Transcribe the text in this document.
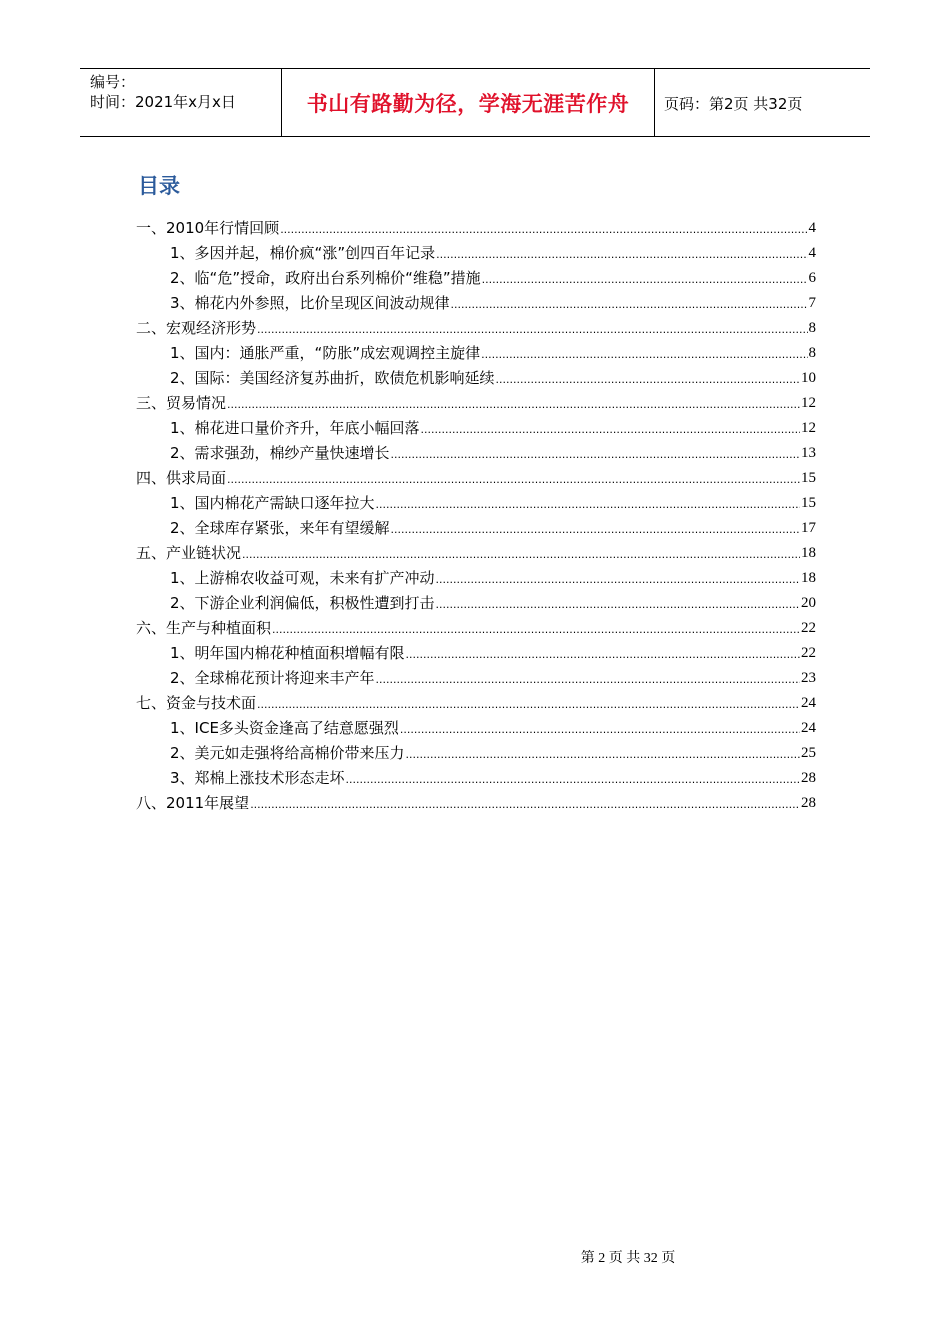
编号：
时间：2021年x月x日	书山有路勤为径，学海无涯苦作舟	页码：第2页 共32页
目录
一、2010年行情回顾 .....	4
1、多因并起，棉价疯“涨”创四百年记录 .....	4
2、临“危”授命，政府出台系列棉价“维稳”措施 .....	6
3、棉花内外参照，比价呈现区间波动规律 .....	7
二、宏观经济形势 .....	8
1、国内：通胀严重，“防胀”成宏观调控主旋律 .....	8
2、国际：美国经济复苏曲折，欧债危机影响延续 .....	10
三、贸易情况 .....	12
1、棉花进口量价齐升，年底小幅回落 .....	12
2、需求强劲，棉纱产量快速增长 .....	13
四、供求局面 .....	15
1、国内棉花产需缺口逐年拉大 .....	15
2、全球库存紧张，来年有望缓解 .....	17
五、产业链状况 .....	18
1、上游棉农收益可观，未来有扩产冲动 .....	18
2、下游企业利润偏低，积极性遭到打击 .....	20
六、生产与种植面积 .....	22
1、明年国内棉花种植面积增幅有限 .....	22
2、全球棉花预计将迎来丰产年 .....	23
七、资金与技术面 .....	24
1、ICE多头资金逢高了结意愿强烈 .....	24
2、美元如走强将给高棉价带来压力 .....	25
3、郑棉上涨技术形态走坏 .....	28
八、2011年展望 .....	28
第 2 页 共 32 页
